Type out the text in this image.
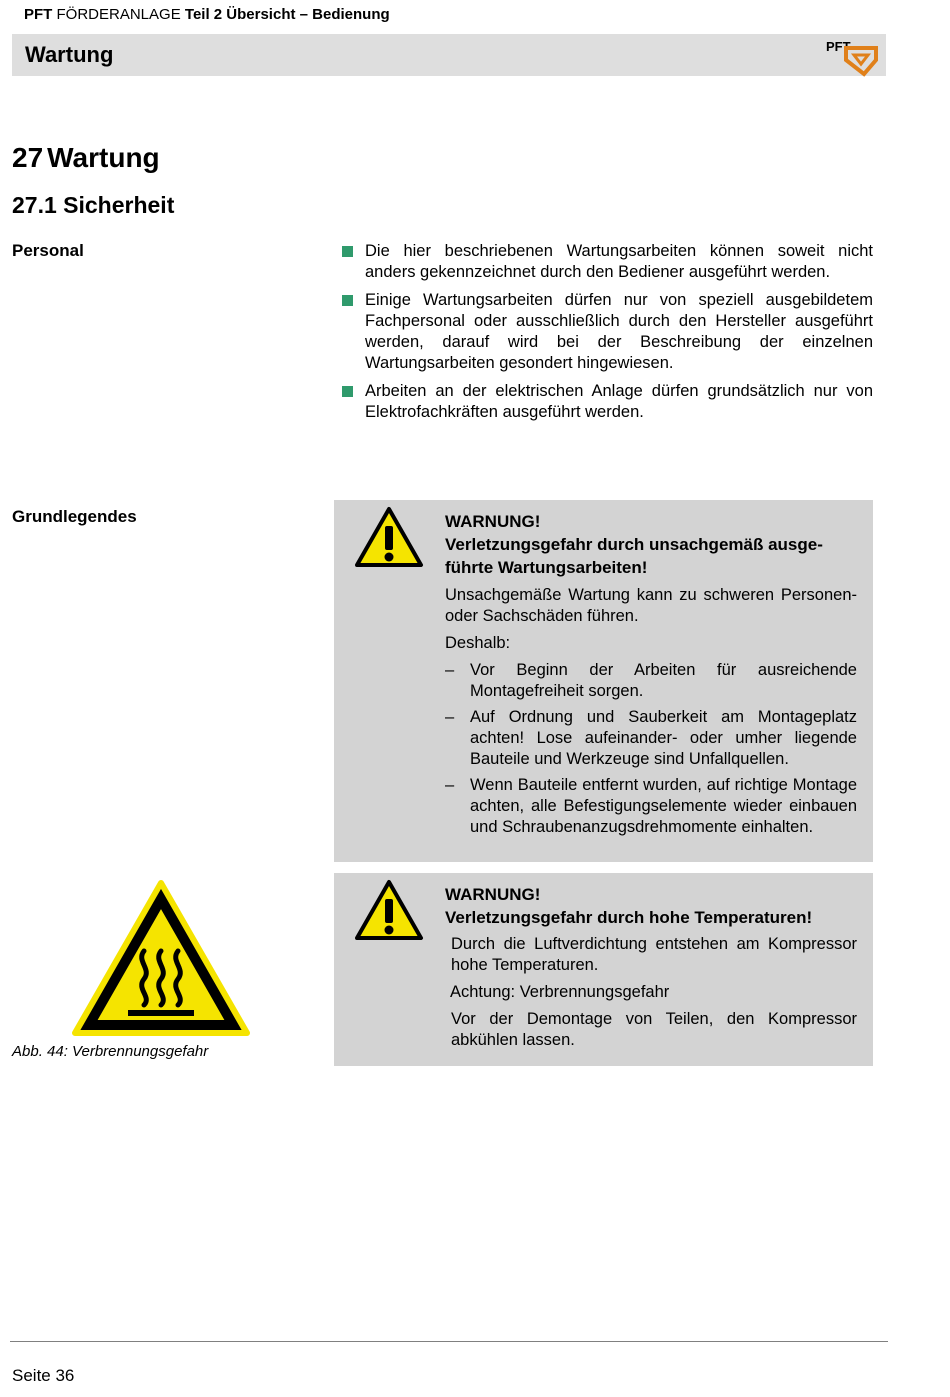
PFT FÖRDERANLAGE Teil 2 Übersicht – Bedienung
Wartung	PFT
27 Wartung
27.1 Sicherheit
Personal	Die hier beschriebenen Wartungsarbeiten können soweit nicht anders gekennzeichnet durch den Bediener ausgeführt werden.
Einige Wartungsarbeiten dürfen nur von speziell ausgebildetem Fachpersonal oder ausschließlich durch den Hersteller ausgeführt werden, darauf wird bei der Beschreibung der einzelnen Wartungsarbeiten gesondert hingewiesen.
Arbeiten an der elektrischen Anlage dürfen grundsätzlich nur von Elektrofachkräften ausgeführt werden.
Grundlegendes	WARNUNG!
Verletzungsgefahr durch unsachgemäß ausge-führte Wartungsarbeiten!

Unsachgemäße Wartung kann zu schweren Personen- oder Sachschäden führen.

Deshalb:

– Vor Beginn der Arbeiten für ausreichende Montagefreiheit sorgen.
– Auf Ordnung und Sauberkeit am Montageplatz achten! Lose aufeinander- oder umher liegende Bauteile und Werkzeuge sind Unfallquellen.
– Wenn Bauteile entfernt wurden, auf richtige Montage achten, alle Befestigungselemente wieder einbauen und Schraubenanzugsdrehmomente einhalten.
WARNUNG!
Verletzungsgefahr durch hohe Temperaturen!

Durch die Luftverdichtung entstehen am Kompressor hohe Temperaturen.

Achtung: Verbrennungsgefahr

Vor der Demontage von Teilen, den Kompressor abkühlen lassen.

Abb. 44: Verbrennungsgefahr
Seite 36
